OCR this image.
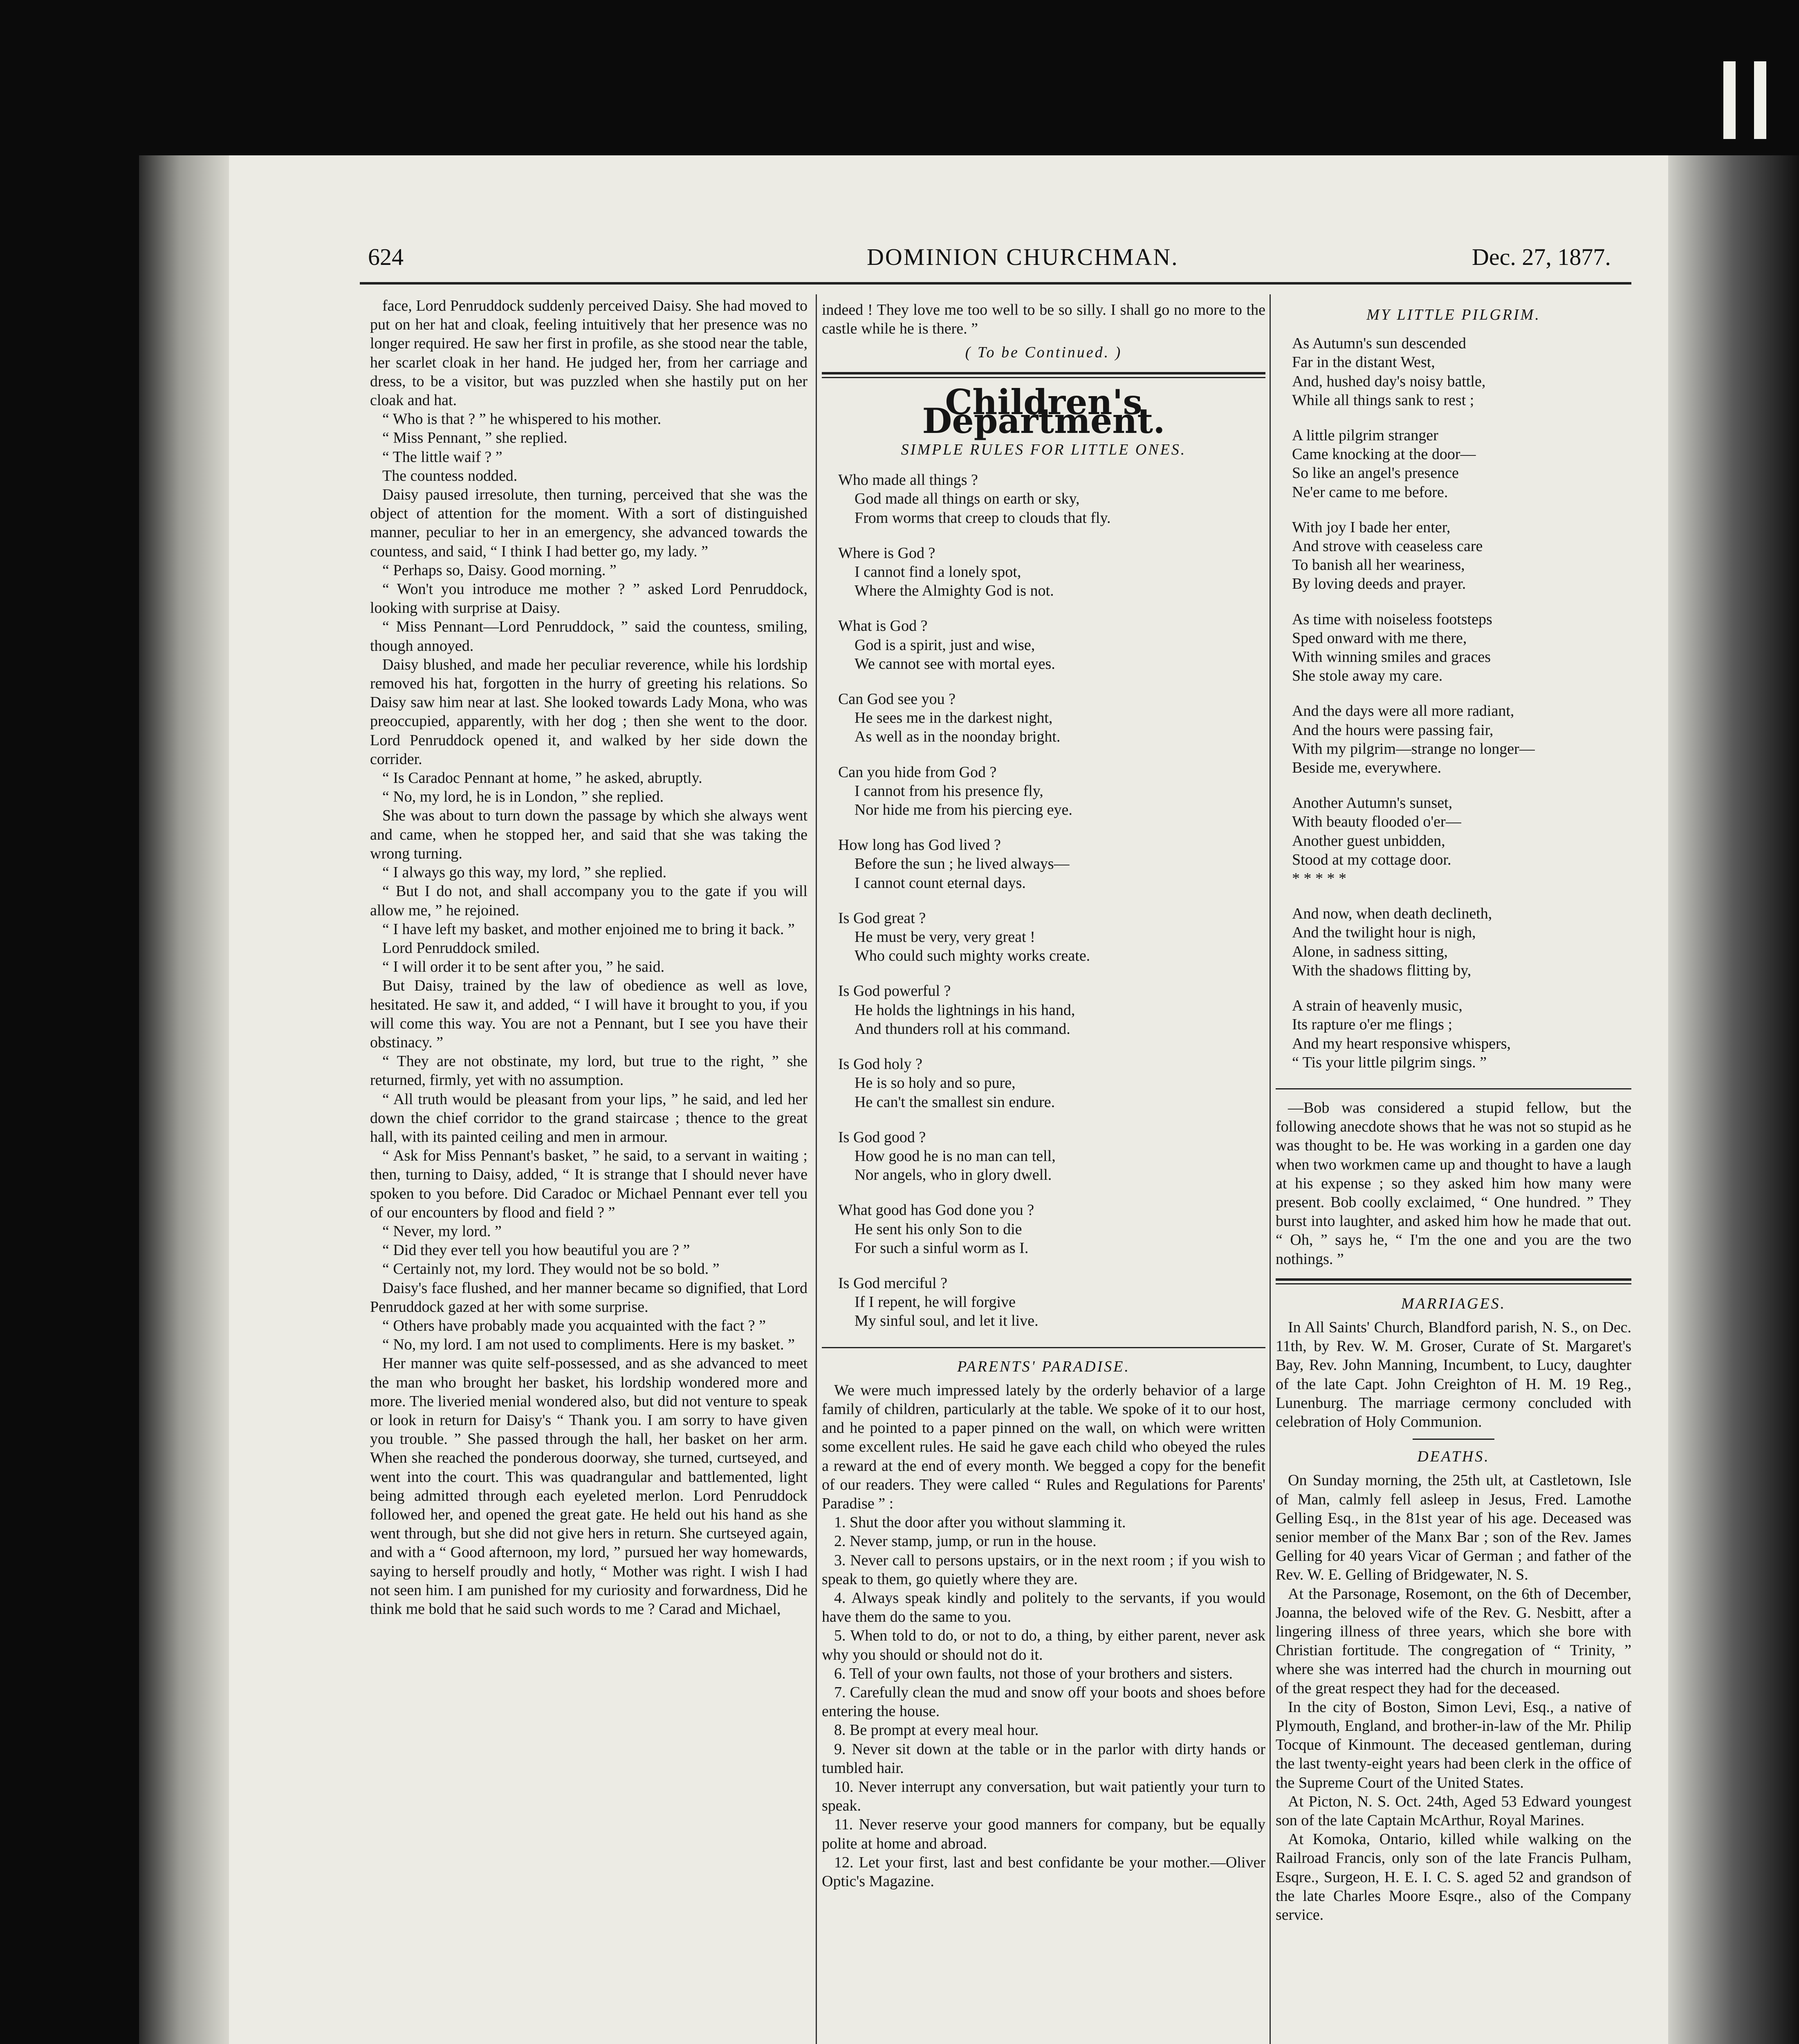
624	DOMINION CHURCHMAN.	Dec. 27, 1877.

face, Lord Penruddock suddenly perceived Daisy. She had moved to put on her hat and cloak, feeling intuitively that her presence was no longer required. He saw her first in profile, as she stood near the table, her scarlet cloak in her hand. He judged her, from her carriage and dress, to be a visitor, but was puzzled when she hastily put on her cloak and hat.

“ Who is that ? ” he whispered to his mother.

“ Miss Pennant, ” she replied.

“ The little waif ? ”

The countess nodded.

Daisy paused irresolute, then turning, perceived that she was the object of attention for the moment. With a sort of distinguished manner, peculiar to her in an emergency, she advanced towards the countess, and said, “ I think I had better go, my lady. ”

“ Perhaps so, Daisy. Good morning. ”

“ Won't you introduce me mother ? ” asked Lord Penruddock, looking with surprise at Daisy.

“ Miss Pennant—Lord Penruddock, ” said the countess, smiling, though annoyed.

Daisy blushed, and made her peculiar reverence, while his lordship removed his hat, forgotten in the hurry of greeting his relations. So Daisy saw him near at last. She looked towards Lady Mona, who was preoccupied, apparently, with her dog ; then she went to the door. Lord Penruddock opened it, and walked by her side down the corrider.

“ Is Caradoc Pennant at home, ” he asked, abruptly.

“ No, my lord, he is in London, ” she replied.

She was about to turn down the passage by which she always went and came, when he stopped her, and said that she was taking the wrong turning.

“ I always go this way, my lord, ” she replied.

“ But I do not, and shall accompany you to the gate if you will allow me, ” he rejoined.

“ I have left my basket, and mother enjoined me to bring it back. ”

Lord Penruddock smiled.

“ I will order it to be sent after you, ” he said.

But Daisy, trained by the law of obedience as well as love, hesitated. He saw it, and added, “ I will have it brought to you, if you will come this way. You are not a Pennant, but I see you have their obstinacy. ”

“ They are not obstinate, my lord, but true to the right, ” she returned, firmly, yet with no assumption.

“ All truth would be pleasant from your lips, ” he said, and led her down the chief corridor to the grand staircase ; thence to the great hall, with its painted ceiling and men in armour.

“ Ask for Miss Pennant's basket, ” he said, to a servant in waiting ; then, turning to Daisy, added, “ It is strange that I should never have spoken to you before. Did Caradoc or Michael Pennant ever tell you of our encounters by flood and field ? ”

“ Never, my lord. ”

“ Did they ever tell you how beautiful you are ? ”

“ Certainly not, my lord. They would not be so bold. ”

Daisy's face flushed, and her manner became so dignified, that Lord Penruddock gazed at her with some surprise.

“ Others have probably made you acquainted with the fact ? ”

“ No, my lord. I am not used to compliments. Here is my basket. ”

Her manner was quite self-possessed, and as she advanced to meet the man who brought her basket, his lordship wondered more and more. The liveried menial wondered also, but did not venture to speak or look in return for Daisy's “ Thank you. I am sorry to have given you trouble. ” She passed through the hall, her basket on her arm. When she reached the ponderous doorway, she turned, curtseyed, and went into the court. This was quadrangular and battlemented, light being admitted through each eyeleted merlon. Lord Penruddock followed her, and opened the great gate. He held out his hand as she went through, but she did not give hers in return. She curtseyed again, and with a “ Good afternoon, my lord, ” pursued her way homewards, saying to herself proudly and hotly, “ Mother was right. I wish I had not seen him. I am punished for my curiosity and forwardness, Did he think me bold that he said such words to me ? Carad and Michael,

indeed ! They love me too well to be so silly. I shall go no more to the castle while he is there. ”

( To be Continued. )
Children's Department.
SIMPLE RULES FOR LITTLE ONES.
Who made all things ?
God made all things on earth or sky,
From worms that creep to clouds that fly.
Where is God ?
I cannot find a lonely spot,
Where the Almighty God is not.
What is God ?
God is a spirit, just and wise,
We cannot see with mortal eyes.
Can God see you ?
He sees me in the darkest night,
As well as in the noonday bright.
Can you hide from God ?
I cannot from his presence fly,
Nor hide me from his piercing eye.
How long has God lived ?
Before the sun ; he lived always—
I cannot count eternal days.
Is God great ?
He must be very, very great !
Who could such mighty works create.
Is God powerful ?
He holds the lightnings in his hand,
And thunders roll at his command.
Is God holy ?
He is so holy and so pure,
He can't the smallest sin endure.
Is God good ?
How good he is no man can tell,
Nor angels, who in glory dwell.
What good has God done you ?
He sent his only Son to die
For such a sinful worm as I.
Is God merciful ?
If I repent, he will forgive
My sinful soul, and let it live.
PARENTS' PARADISE.

We were much impressed lately by the orderly behavior of a large family of children, particularly at the table. We spoke of it to our host, and he pointed to a paper pinned on the wall, on which were written some excellent rules. He said he gave each child who obeyed the rules a reward at the end of every month. We begged a copy for the benefit of our readers. They were called “ Rules and Regulations for Parents' Paradise ” :

1. Shut the door after you without slamming it.

2. Never stamp, jump, or run in the house.

3. Never call to persons upstairs, or in the next room ; if you wish to speak to them, go quietly where they are.

4. Always speak kindly and politely to the servants, if you would have them do the same to you.

5. When told to do, or not to do, a thing, by either parent, never ask why you should or should not do it.

6. Tell of your own faults, not those of your brothers and sisters.

7. Carefully clean the mud and snow off your boots and shoes before entering the house.

8. Be prompt at every meal hour.

9. Never sit down at the table or in the parlor with dirty hands or tumbled hair.

10. Never interrupt any conversation, but wait patiently your turn to speak.

11. Never reserve your good manners for company, but be equally polite at home and abroad.

12. Let your first, last and best confidante be your mother.—Oliver Optic's Magazine.

MY LITTLE PILGRIM.
As Autumn's sun descended
Far in the distant West,
And, hushed day's noisy battle,
While all things sank to rest ;
A little pilgrim stranger
Came knocking at the door—
So like an angel's presence
Ne'er came to me before.
With joy I bade her enter,
And strove with ceaseless care
To banish all her weariness,
By loving deeds and prayer.
As time with noiseless footsteps
Sped onward with me there,
With winning smiles and graces
She stole away my care.
And the days were all more radiant,
And the hours were passing fair,
With my pilgrim—strange no longer—
Beside me, everywhere.
Another Autumn's sunset,
With beauty flooded o'er—
Another guest unbidden,
Stood at my cottage door.
* * * * *
And now, when death declineth,
And the twilight hour is nigh,
Alone, in sadness sitting,
With the shadows flitting by,
A strain of heavenly music,
Its rapture o'er me flings ;
And my heart responsive whispers,
“ Tis your little pilgrim sings. ”

—Bob was considered a stupid fellow, but the following anecdote shows that he was not so stupid as he was thought to be. He was working in a garden one day when two workmen came up and thought to have a laugh at his expense ; so they asked him how many were present. Bob coolly exclaimed, “ One hundred. ” They burst into laughter, and asked him how he made that out. “ Oh, ” says he, “ I'm the one and you are the two nothings. ”

MARRIAGES.

In All Saints' Church, Blandford parish, N. S., on Dec. 11th, by Rev. W. M. Groser, Curate of St. Margaret's Bay, Rev. John Manning, Incumbent, to Lucy, daughter of the late Capt. John Creighton of H. M. 19 Reg., Lunenburg. The marriage cermony concluded with celebration of Holy Communion.

DEATHS.

On Sunday morning, the 25th ult, at Castletown, Isle of Man, calmly fell asleep in Jesus, Fred. Lamothe Gelling Esq., in the 81st year of his age. Deceased was senior member of the Manx Bar ; son of the Rev. James Gelling for 40 years Vicar of German ; and father of the Rev. W. E. Gelling of Bridgewater, N. S.

At the Parsonage, Rosemont, on the 6th of December, Joanna, the beloved wife of the Rev. G. Nesbitt, after a lingering illness of three years, which she bore with Christian fortitude. The congregation of “ Trinity, ” where she was interred had the church in mourning out of the great respect they had for the deceased.

In the city of Boston, Simon Levi, Esq., a native of Plymouth, England, and brother-in-law of the Mr. Philip Tocque of Kinmount. The deceased gentleman, during the last twenty-eight years had been clerk in the office of the Supreme Court of the United States.

At Picton, N. S. Oct. 24th, Aged 53 Edward youngest son of the late Captain McArthur, Royal Marines.

At Komoka, Ontario, killed while walking on the Railroad Francis, only son of the late Francis Pulham, Esqre., Surgeon, H. E. I. C. S. aged 52 and grandson of the late Charles Moore Esqre., also of the Company service.
